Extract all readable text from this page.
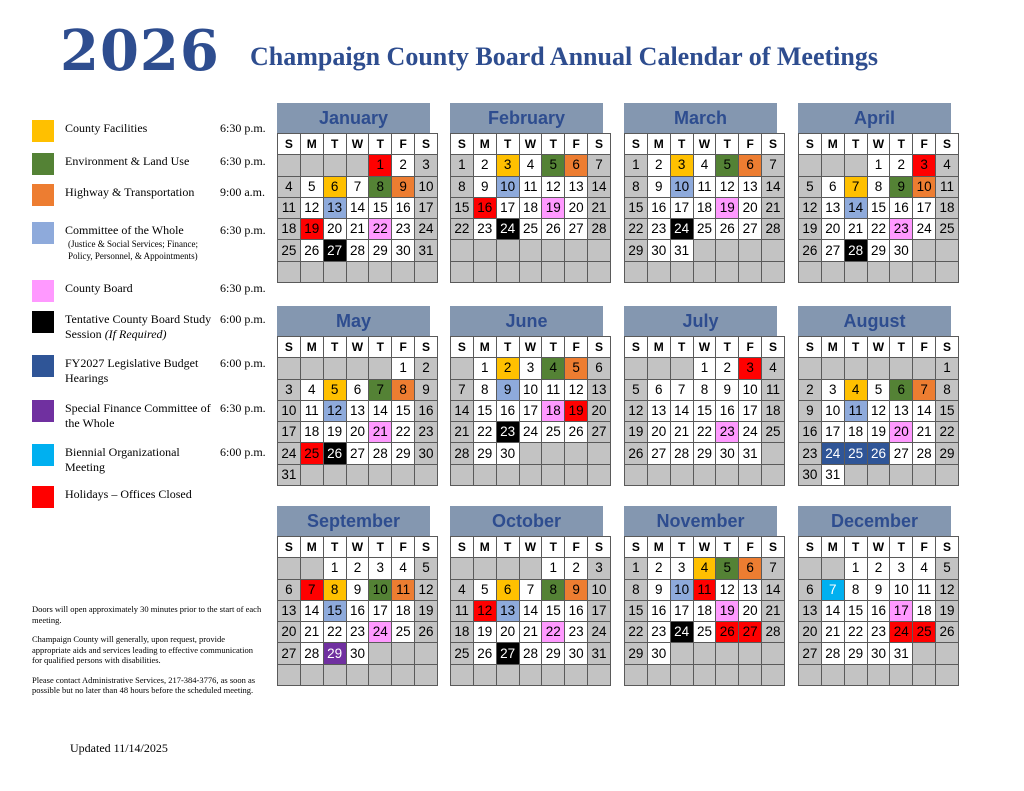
2026 Champaign County Board Annual Calendar of Meetings
County Facilities	6:30 p.m.
Environment & Land Use	6:30 p.m.
Highway & Transportation	9:00 a.m.
Committee of the Whole
(Justice & Social Services; Finance; Policy, Personnel, & Appointments)
6:30 p.m.
County Board	6:30 p.m.
Tentative County Board Study Session (If Required)
6:00 p.m.
FY2027 Legislative Budget Hearings
6:00 p.m.
Special Finance Committee of the Whole
6:30 p.m.
Biennial Organizational Meeting
6:00 p.m.
Holidays – Offices Closed

Doors will open approximately 30 minutes prior to the start of each meeting.

Champaign County will generally, upon request, provide appropriate aids and services leading to effective communication for qualified persons with disabilities.

Please contact Administrative Services, 217-384-3776, as soon as possible but no later than 48 hours before the scheduled meeting.

Updated 11/14/2025
January
S	M	T	W	T	F	S
				1	2	3
4	5	6	7	8	9	10
11	12	13	14	15	16	17
18	19	20	21	22	23	24
25	26	27	28	29	30	31

February
S	M	T	W	T	F	S
1	2	3	4	5	6	7
8	9	10	11	12	13	14
15	16	17	18	19	20	21
22	23	24	25	26	27	28

March
S	M	T	W	T	F	S
1	2	3	4	5	6	7
8	9	10	11	12	13	14
15	16	17	18	19	20	21
22	23	24	25	26	27	28
29	30	31				

April
S	M	T	W	T	F	S
			1	2	3	4
5	6	7	8	9	10	11
12	13	14	15	16	17	18
19	20	21	22	23	24	25
26	27	28	29	30		

May
S	M	T	W	T	F	S
					1	2
3	4	5	6	7	8	9
10	11	12	13	14	15	16
17	18	19	20	21	22	23
24	25	26	27	28	29	30
31						
June
S	M	T	W	T	F	S
	1	2	3	4	5	6
7	8	9	10	11	12	13
14	15	16	17	18	19	20
21	22	23	24	25	26	27
28	29	30				

July
S	M	T	W	T	F	S
			1	2	3	4
5	6	7	8	9	10	11
12	13	14	15	16	17	18
19	20	21	22	23	24	25
26	27	28	29	30	31	

August
S	M	T	W	T	F	S
						1
2	3	4	5	6	7	8
9	10	11	12	13	14	15
16	17	18	19	20	21	22
23	24	25	26	27	28	29
30	31					
September
S	M	T	W	T	F	S
		1	2	3	4	5
6	7	8	9	10	11	12
13	14	15	16	17	18	19
20	21	22	23	24	25	26
27	28	29	30			

October
S	M	T	W	T	F	S
				1	2	3
4	5	6	7	8	9	10
11	12	13	14	15	16	17
18	19	20	21	22	23	24
25	26	27	28	29	30	31

November
S	M	T	W	T	F	S
1	2	3	4	5	6	7
8	9	10	11	12	13	14
15	16	17	18	19	20	21
22	23	24	25	26	27	28
29	30					

December
S	M	T	W	T	F	S
		1	2	3	4	5
6	7	8	9	10	11	12
13	14	15	16	17	18	19
20	21	22	23	24	25	26
27	28	29	30	31		
